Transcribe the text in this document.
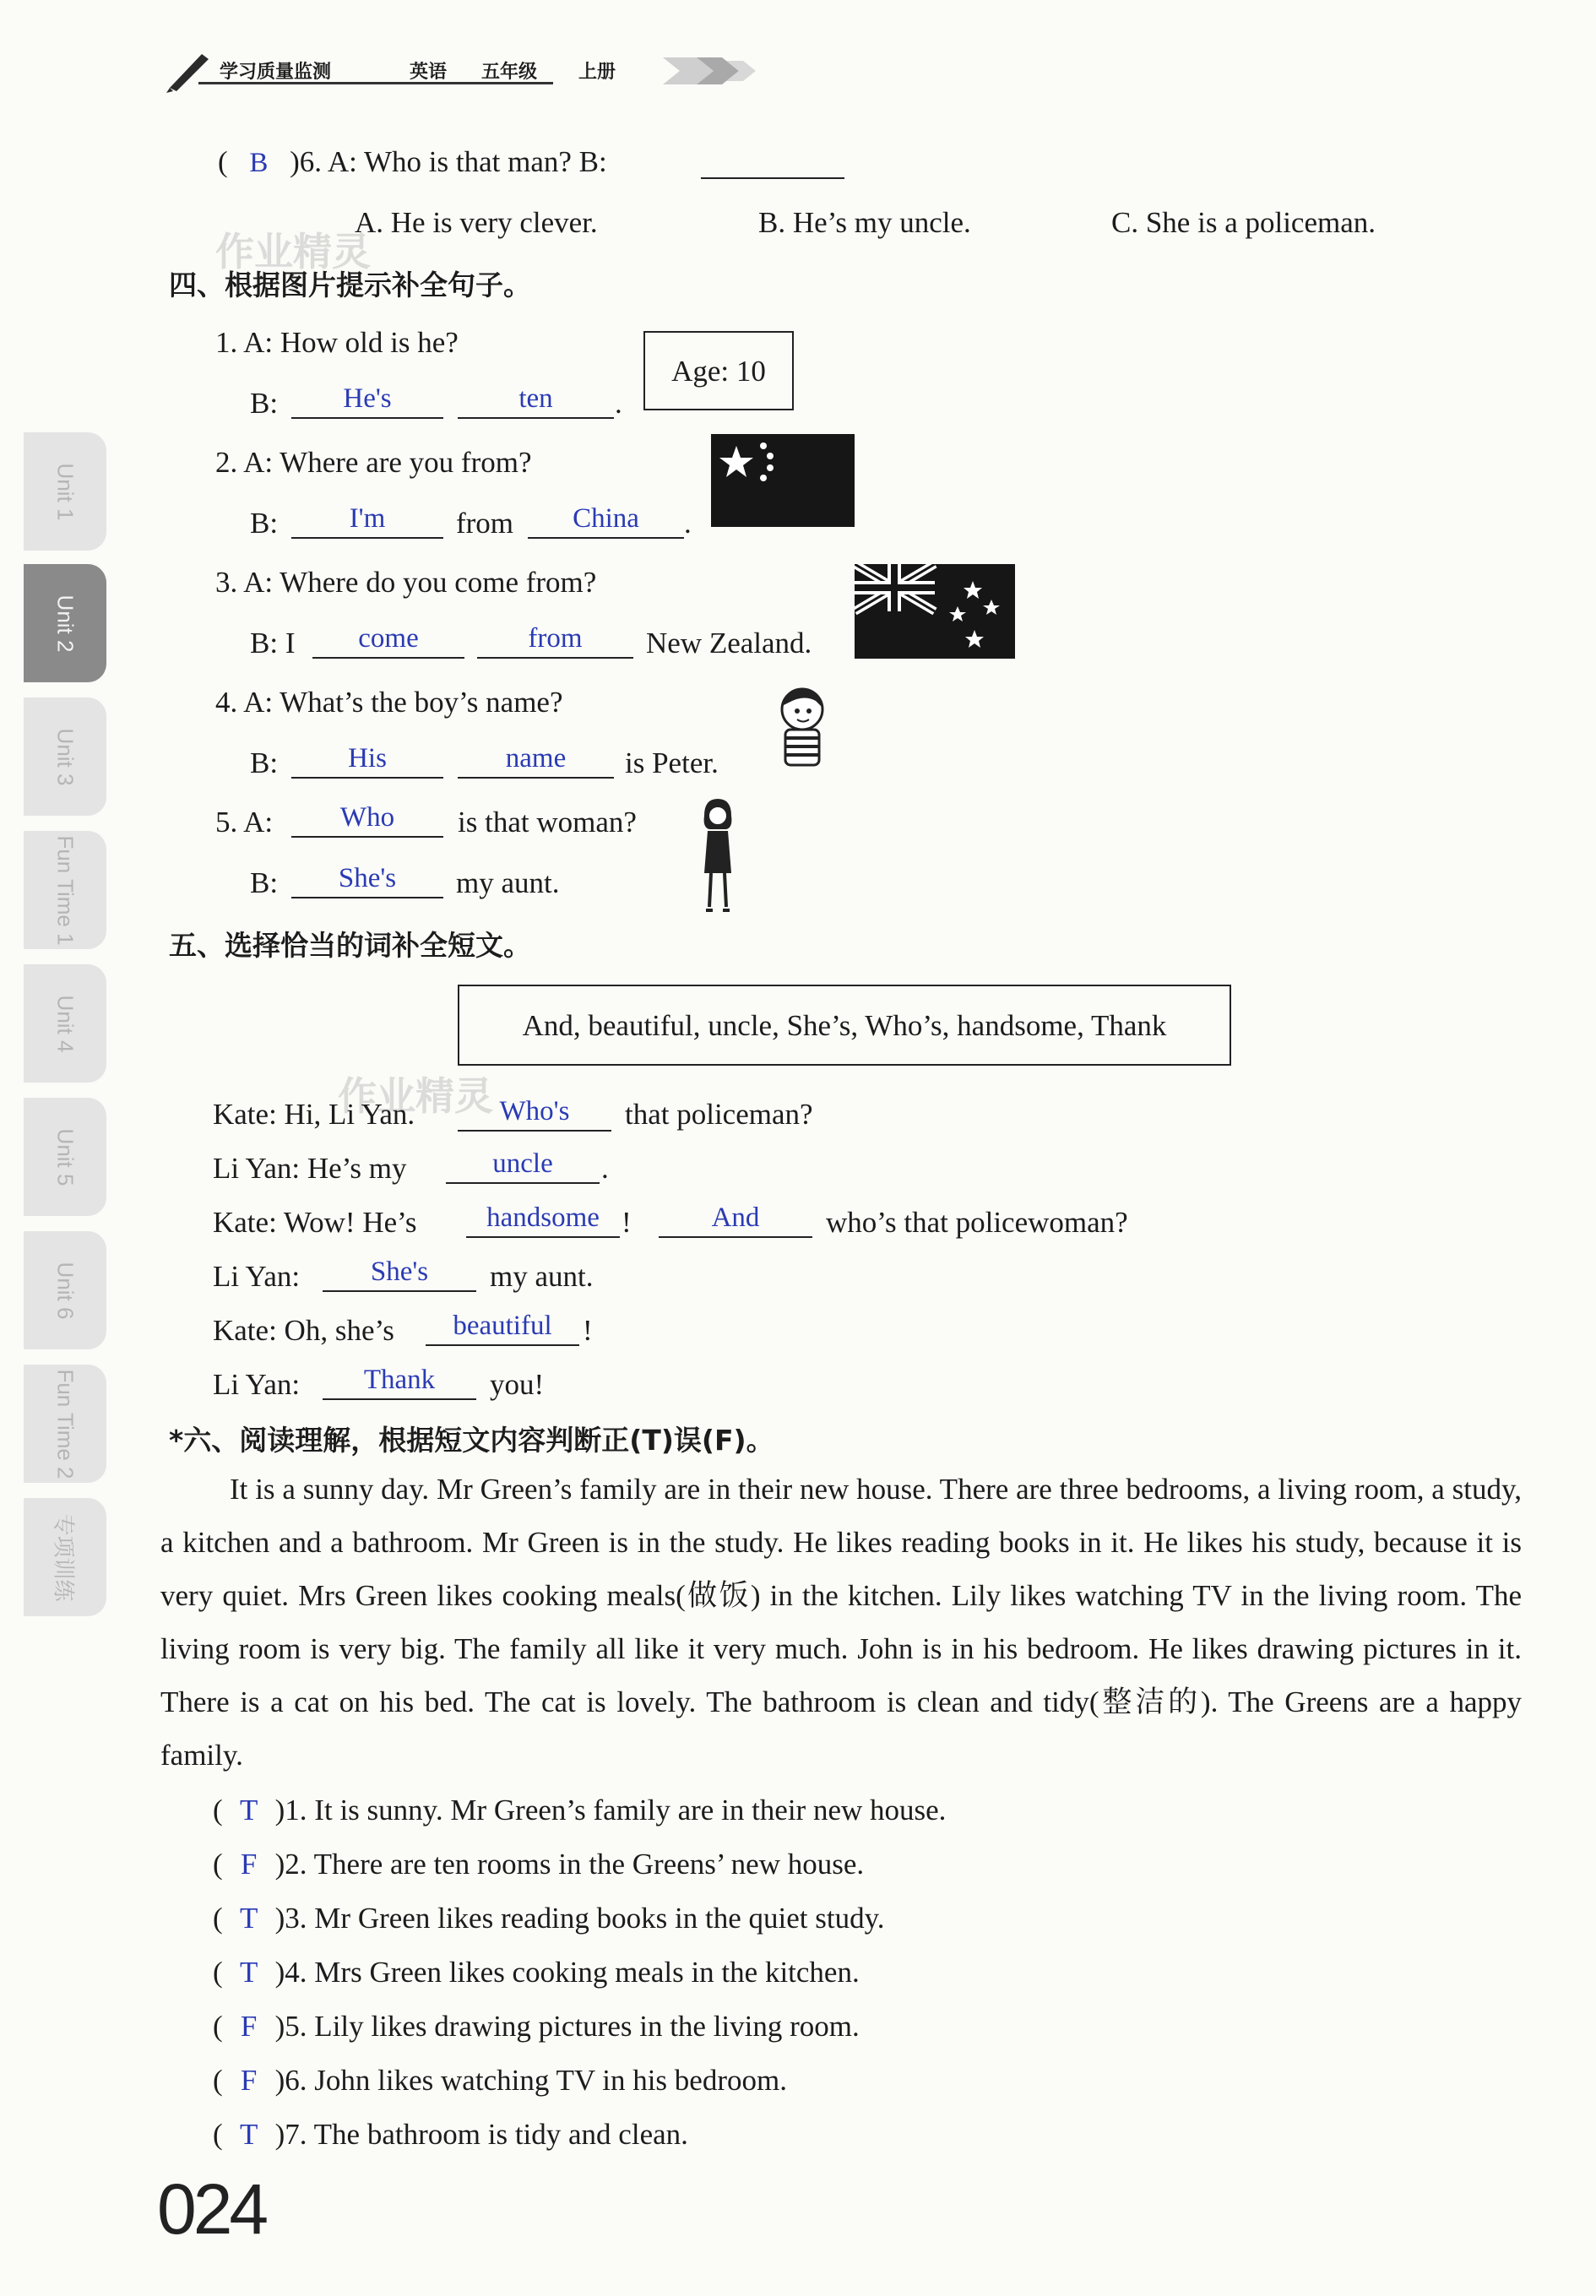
学习质量监测	英语 五年级 上册
Unit 1
Unit 2
Unit 3
Fun Time 1
Unit 4
Unit 5
Unit 6
Fun Time 2
专项训练
作业精灵
作业精灵
( B )6. A: Who is that man? B:
A. He is very clever.	B. He’s my uncle.	C. She is a policeman.
四、根据图片提示补全句子。
1. A: How old is he?
B:	He's	ten	.
Age: 10
2. A: Where are you from?
B:	I'm	from	China	.
3. A: Where do you come from?
B: I	come	from	New Zealand.
4. A: What’s the boy’s name?
B:	His	name	is Peter.
5. A:	Who	is that woman?
B:	She's	my aunt.
五、选择恰当的词补全短文。
And, beautiful, uncle, She’s, Who’s, handsome, Thank
Kate: Hi, Li Yan.	Who's	that policeman?
Li Yan: He’s my	uncle	.
Kate: Wow! He’s	handsome !	And	who’s that policewoman?
Li Yan:	She's	my aunt.
Kate: Oh, she’s	beautiful	!
Li Yan:	Thank	you!
*六、阅读理解，根据短文内容判断正(T)误(F)。
It is a sunny day. Mr Green’s family are in their new house. There are three bedrooms, a living room, a study, a kitchen and a bathroom. Mr Green is in the study. He likes reading books in it. He likes his study, because it is very quiet. Mrs Green likes cooking meals(做饭) in the kitchen. Lily likes watching TV in the living room. The living room is very big. The family all like it very much. John is in his bedroom. He likes drawing pictures in it. There is a cat on his bed. The cat is lovely. The bathroom is clean and tidy(整洁的). The Greens are a happy family.
( T )1. It is sunny. Mr Green’s family are in their new house.
( F )2. There are ten rooms in the Greens’ new house.
( T )3. Mr Green likes reading books in the quiet study.
( T )4. Mrs Green likes cooking meals in the kitchen.
( F )5. Lily likes drawing pictures in the living room.
( F )6. John likes watching TV in his bedroom.
( T )7. The bathroom is tidy and clean.
024
